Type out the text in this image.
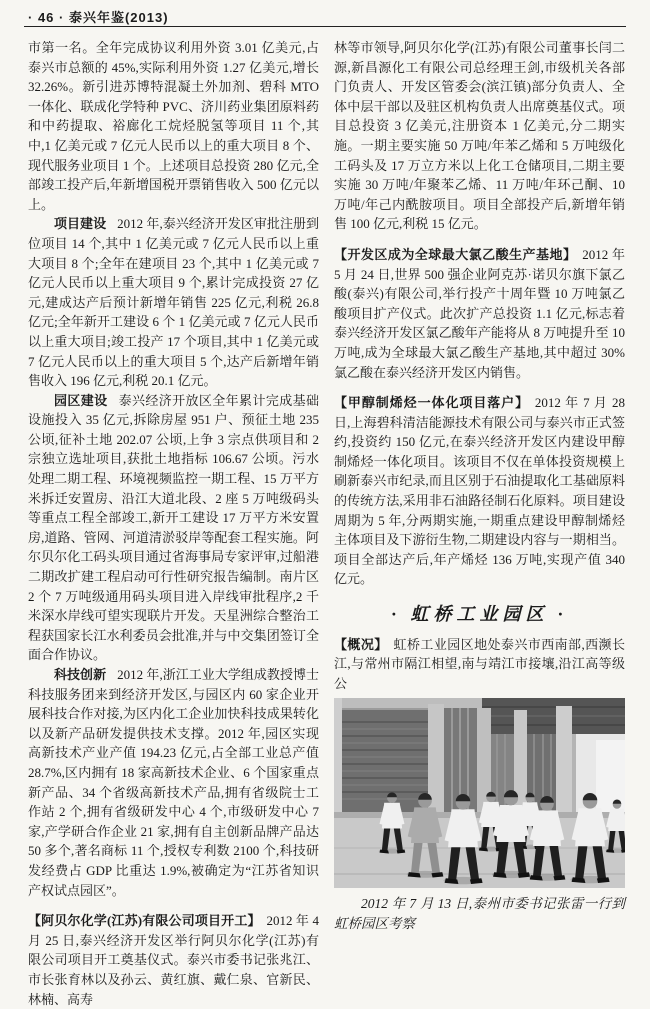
· 46 · 泰兴年鉴(2013)

市第一名。全年完成协议利用外资 3.01 亿美元,占泰兴市总额的 45%,实际利用外资 1.27 亿美元,增长 32.26%。新引进苏博特混凝土外加剂、碧科 MTO 一体化、联成化学特种 PVC、济川药业集团原料药和中药提取、裕廊化工烷烃脱氢等项目 11 个,其中,1 亿美元或 7 亿元人民币以上的重大项目 8 个、现代服务业项目 1 个。上述项目总投资 280 亿元,全部竣工投产后,年新增国税开票销售收入 500 亿元以上。

项目建设 2012 年,泰兴经济开发区审批注册到位项目 14 个,其中 1 亿美元或 7 亿元人民币以上重大项目 8 个;全年在建项目 23 个,其中 1 亿美元或 7 亿元人民币以上重大项目 9 个,累计完成投资 27 亿元,建成达产后预计新增年销售 225 亿元,利税 26.8 亿元;全年新开工建设 6 个 1 亿美元或 7 亿元人民币以上重大项目;竣工投产 17 个项目,其中 1 亿美元或 7 亿元人民币以上的重大项目 5 个,达产后新增年销售收入 196 亿元,利税 20.1 亿元。

园区建设 泰兴经济开放区全年累计完成基础设施投入 35 亿元,拆除房屋 951 户、预征土地 235 公顷,征补土地 202.07 公顷,上争 3 宗点供项目和 2 宗独立选址项目,获批土地指标 106.67 公顷。污水处理二期工程、环境视频监控一期工程、15 万平方米拆迁安置房、沿江大道北段、2 座 5 万吨级码头等重点工程全部竣工,新开工建设 17 万平方米安置房,道路、管网、河道清淤驳岸等配套工程实施。阿尔贝尔化工码头项目通过省海事局专家评审,过船港二期改扩建工程启动可行性研究报告编制。南片区 2 个 7 万吨级通用码头项目进入岸线审批程序,2 千米深水岸线可望实现联片开发。天星洲综合整治工程获国家长江水利委员会批准,并与中交集团签订全面合作协议。

科技创新 2012 年,浙江工业大学组成教授博士科技服务团来到经济开发区,与园区内 60 家企业开展科技合作对接,为区内化工企业加快科技成果转化以及新产品研发提供技术支撑。2012 年,园区实现高新技术产业产值 194.23 亿元,占全部工业总产值 28.7%,区内拥有 18 家高新技术企业、6 个国家重点新产品、34 个省级高新技术产品,拥有省级院士工作站 2 个,拥有省级研发中心 4 个,市级研发中心 7 家,产学研合作企业 21 家,拥有自主创新品牌产品达 50 多个,著名商标 11 个,授权专利数 2100 个,科技研发经费占 GDP 比重达 1.9%,被确定为“江苏省知识产权试点园区”。

【阿贝尔化学(江苏)有限公司项目开工】 2012 年 4 月 25 日,泰兴经济开发区举行阿贝尔化学(江苏)有限公司项目开工奠基仪式。泰兴市委书记张兆江、市长张育林以及孙云、黄红旗、戴仁泉、官新民、林楠、高寿

林等市领导,阿贝尔化学(江苏)有限公司董事长闫二源,新昌源化工有限公司总经理王剑,市级机关各部门负责人、开发区管委会(滨江镇)部分负责人、全体中层干部以及驻区机构负责人出席奠基仪式。项目总投资 3 亿美元,注册资本 1 亿美元,分二期实施。一期主要实施 50 万吨/年苯乙烯和 5 万吨级化工码头及 17 万立方米以上化工仓储项目,二期主要实施 30 万吨/年聚苯乙烯、11 万吨/年环己酮、10 万吨/年己内酰胺项目。项目全部投产后,新增年销售 100 亿元,利税 15 亿元。

【开发区成为全球最大氯乙酸生产基地】 2012 年 5 月 24 日,世界 500 强企业阿克苏·诺贝尔旗下氯乙酸(泰兴)有限公司,举行投产十周年暨 10 万吨氯乙酸项目扩产仪式。此次扩产总投资 1.1 亿元,标志着泰兴经济开发区氯乙酸年产能将从 8 万吨提升至 10 万吨,成为全球最大氯乙酸生产基地,其中超过 30%氯乙酸在泰兴经济开发区内销售。

【甲醇制烯烃一体化项目落户】 2012 年 7 月 28 日,上海碧科清洁能源技术有限公司与泰兴市正式签约,投资约 150 亿元,在泰兴经济开发区内建设甲醇制烯烃一体化项目。该项目不仅在单体投资规模上刷新泰兴市纪录,而且区别于石油提取化工基础原料的传统方法,采用非石油路径制石化原料。项目建设周期为 5 年,分两期实施,一期重点建设甲醇制烯烃主体项目及下游衍生物,二期建设内容与一期相当。项目全部达产后,年产烯烃 136 万吨,实现产值 340 亿元。

· 虹桥工业园区 ·

【概况】 虹桥工业园区地处泰兴市西南部,西濒长江,与常州市隔江相望,南与靖江市接壤,沿江高等级公

2012 年 7 月 13 日,泰州市委书记张雷一行到虹桥园区考察
